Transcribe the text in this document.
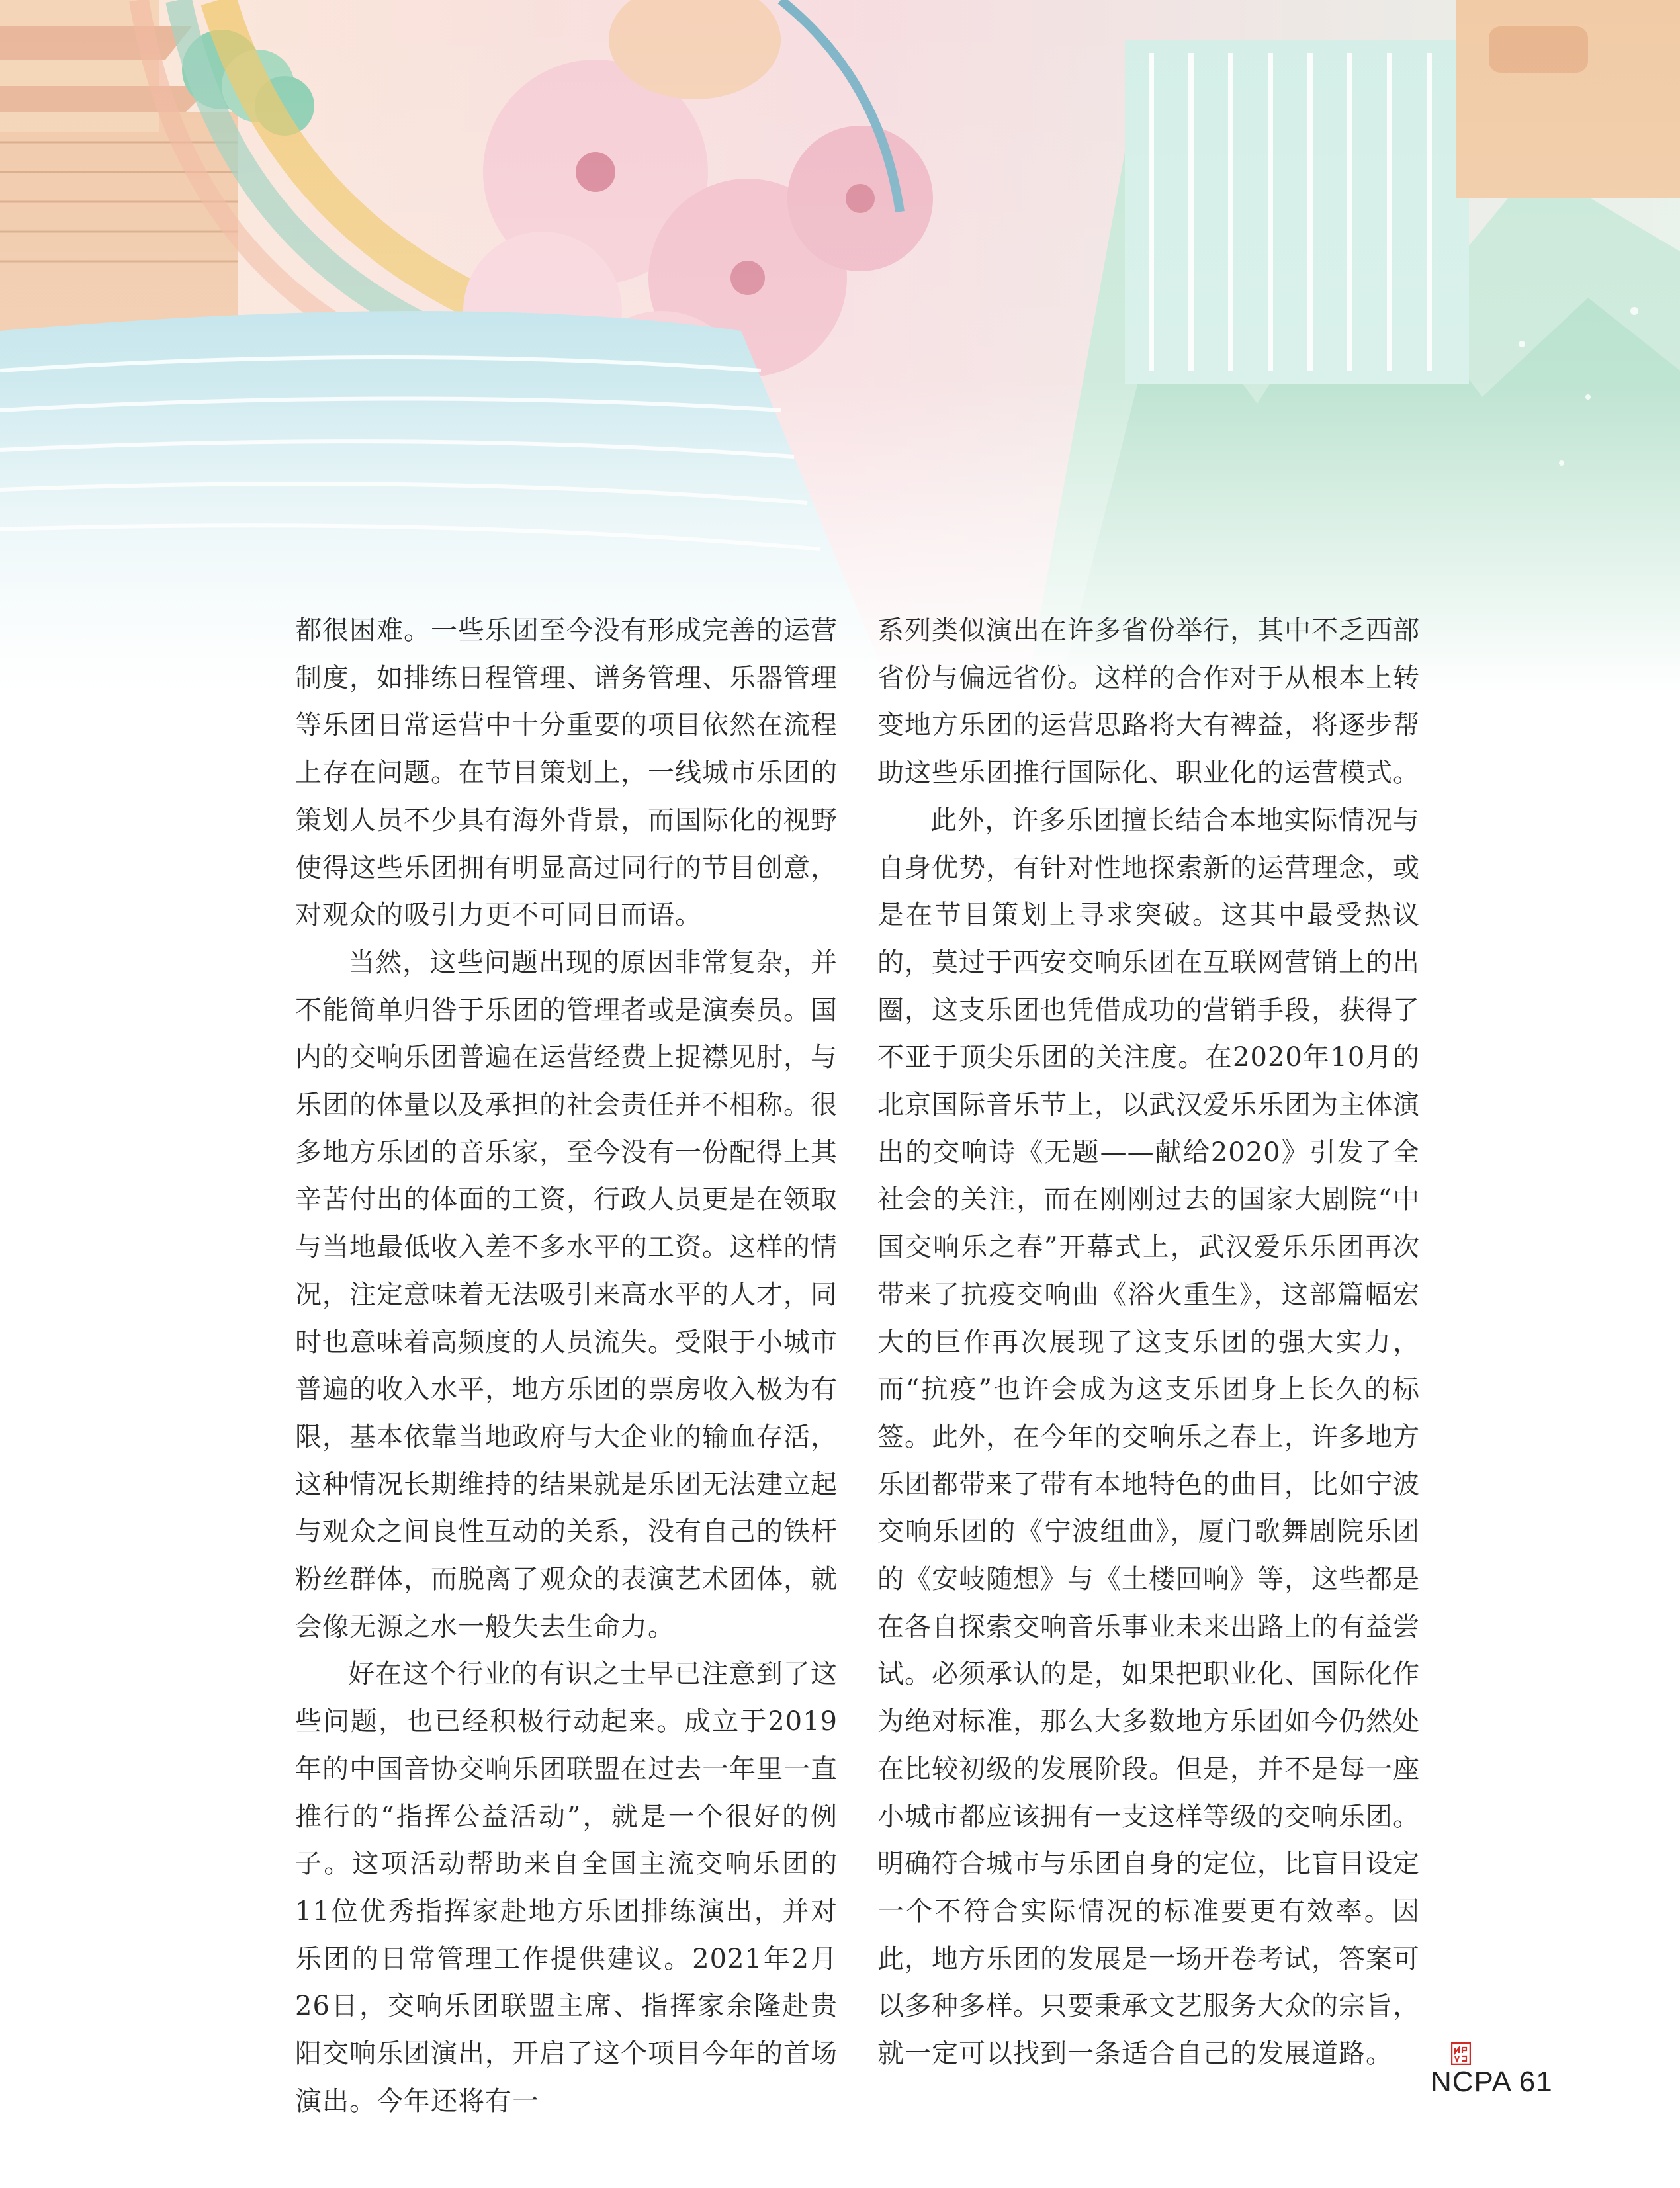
都很困难。一些乐团至今没有形成完善的运营制度，如排练日程管理、谱务管理、乐器管理等乐团日常运营中十分重要的项目依然在流程上存在问题。在节目策划上，一线城市乐团的策划人员不少具有海外背景，而国际化的视野使得这些乐团拥有明显高过同行的节目创意，对观众的吸引力更不可同日而语。

当然，这些问题出现的原因非常复杂，并不能简单归咎于乐团的管理者或是演奏员。国内的交响乐团普遍在运营经费上捉襟见肘，与乐团的体量以及承担的社会责任并不相称。很多地方乐团的音乐家，至今没有一份配得上其辛苦付出的体面的工资，行政人员更是在领取与当地最低收入差不多水平的工资。这样的情况，注定意味着无法吸引来高水平的人才，同时也意味着高频度的人员流失。受限于小城市普遍的收入水平，地方乐团的票房收入极为有限，基本依靠当地政府与大企业的输血存活，这种情况长期维持的结果就是乐团无法建立起与观众之间良性互动的关系，没有自己的铁杆粉丝群体，而脱离了观众的表演艺术团体，就会像无源之水一般失去生命力。

好在这个行业的有识之士早已注意到了这些问题，也已经积极行动起来。成立于2019年的中国音协交响乐团联盟在过去一年里一直推行的“指挥公益活动”，就是一个很好的例子。这项活动帮助来自全国主流交响乐团的11位优秀指挥家赴地方乐团排练演出，并对乐团的日常管理工作提供建议。2021年2月26日，交响乐团联盟主席、指挥家余隆赴贵阳交响乐团演出，开启了这个项目今年的首场演出。今年还将有一

系列类似演出在许多省份举行，其中不乏西部省份与偏远省份。这样的合作对于从根本上转变地方乐团的运营思路将大有裨益，将逐步帮助这些乐团推行国际化、职业化的运营模式。

此外，许多乐团擅长结合本地实际情况与自身优势，有针对性地探索新的运营理念，或是在节目策划上寻求突破。这其中最受热议的，莫过于西安交响乐团在互联网营销上的出圈，这支乐团也凭借成功的营销手段，获得了不亚于顶尖乐团的关注度。在2020年10月的北京国际音乐节上，以武汉爱乐乐团为主体演出的交响诗《无题——献给2020》引发了全社会的关注，而在刚刚过去的国家大剧院“中国交响乐之春”开幕式上，武汉爱乐乐团再次带来了抗疫交响曲《浴火重生》，这部篇幅宏大的巨作再次展现了这支乐团的强大实力，而“抗疫”也许会成为这支乐团身上长久的标签。此外，在今年的交响乐之春上，许多地方乐团都带来了带有本地特色的曲目，比如宁波交响乐团的《宁波组曲》，厦门歌舞剧院乐团的《安岐随想》与《土楼回响》等，这些都是在各自探索交响音乐事业未来出路上的有益尝试。必须承认的是，如果把职业化、国际化作为绝对标准，那么大多数地方乐团如今仍然处在比较初级的发展阶段。但是，并不是每一座小城市都应该拥有一支这样等级的交响乐团。明确符合城市与乐团自身的定位，比盲目设定一个不符合实际情况的标准要更有效率。因此，地方乐团的发展是一场开卷考试，答案可以多种多样。只要秉承文艺服务大众的宗旨，就一定可以找到一条适合自己的发展道路。

NCPA 61
